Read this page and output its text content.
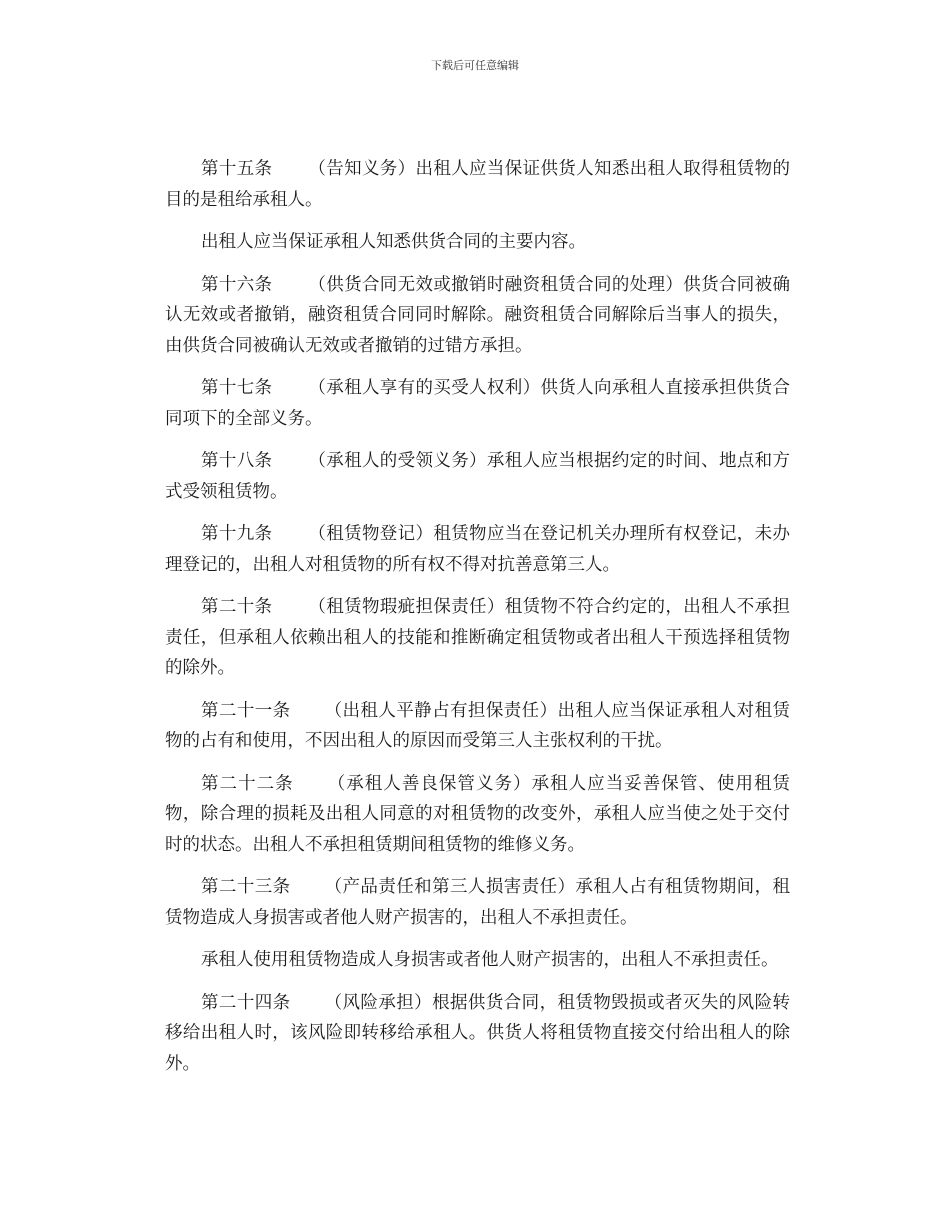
下载后可任意编辑

第十五条 （告知义务）出租人应当保证供货人知悉出租人取得租赁物的目的是租给承租人。

出租人应当保证承租人知悉供货合同的主要内容。

第十六条 （供货合同无效或撤销时融资租赁合同的处理）供货合同被确认无效或者撤销，融资租赁合同同时解除。融资租赁合同解除后当事人的损失，由供货合同被确认无效或者撤销的过错方承担。

第十七条 （承租人享有的买受人权利）供货人向承租人直接承担供货合同项下的全部义务。

第十八条 （承租人的受领义务）承租人应当根据约定的时间、地点和方式受领租赁物。

第十九条 （租赁物登记）租赁物应当在登记机关办理所有权登记，未办理登记的，出租人对租赁物的所有权不得对抗善意第三人。

第二十条 （租赁物瑕疵担保责任）租赁物不符合约定的，出租人不承担责任，但承租人依赖出租人的技能和推断确定租赁物或者出租人干预选择租赁物的除外。

第二十一条 （出租人平静占有担保责任）出租人应当保证承租人对租赁物的占有和使用，不因出租人的原因而受第三人主张权利的干扰。

第二十二条 （承租人善良保管义务）承租人应当妥善保管、使用租赁物，除合理的损耗及出租人同意的对租赁物的改变外，承租人应当使之处于交付时的状态。出租人不承担租赁期间租赁物的维修义务。

第二十三条 （产品责任和第三人损害责任）承租人占有租赁物期间，租赁物造成人身损害或者他人财产损害的，出租人不承担责任。

承租人使用租赁物造成人身损害或者他人财产损害的，出租人不承担责任。

第二十四条 （风险承担）根据供货合同，租赁物毁损或者灭失的风险转移给出租人时，该风险即转移给承租人。供货人将租赁物直接交付给出租人的除外。
